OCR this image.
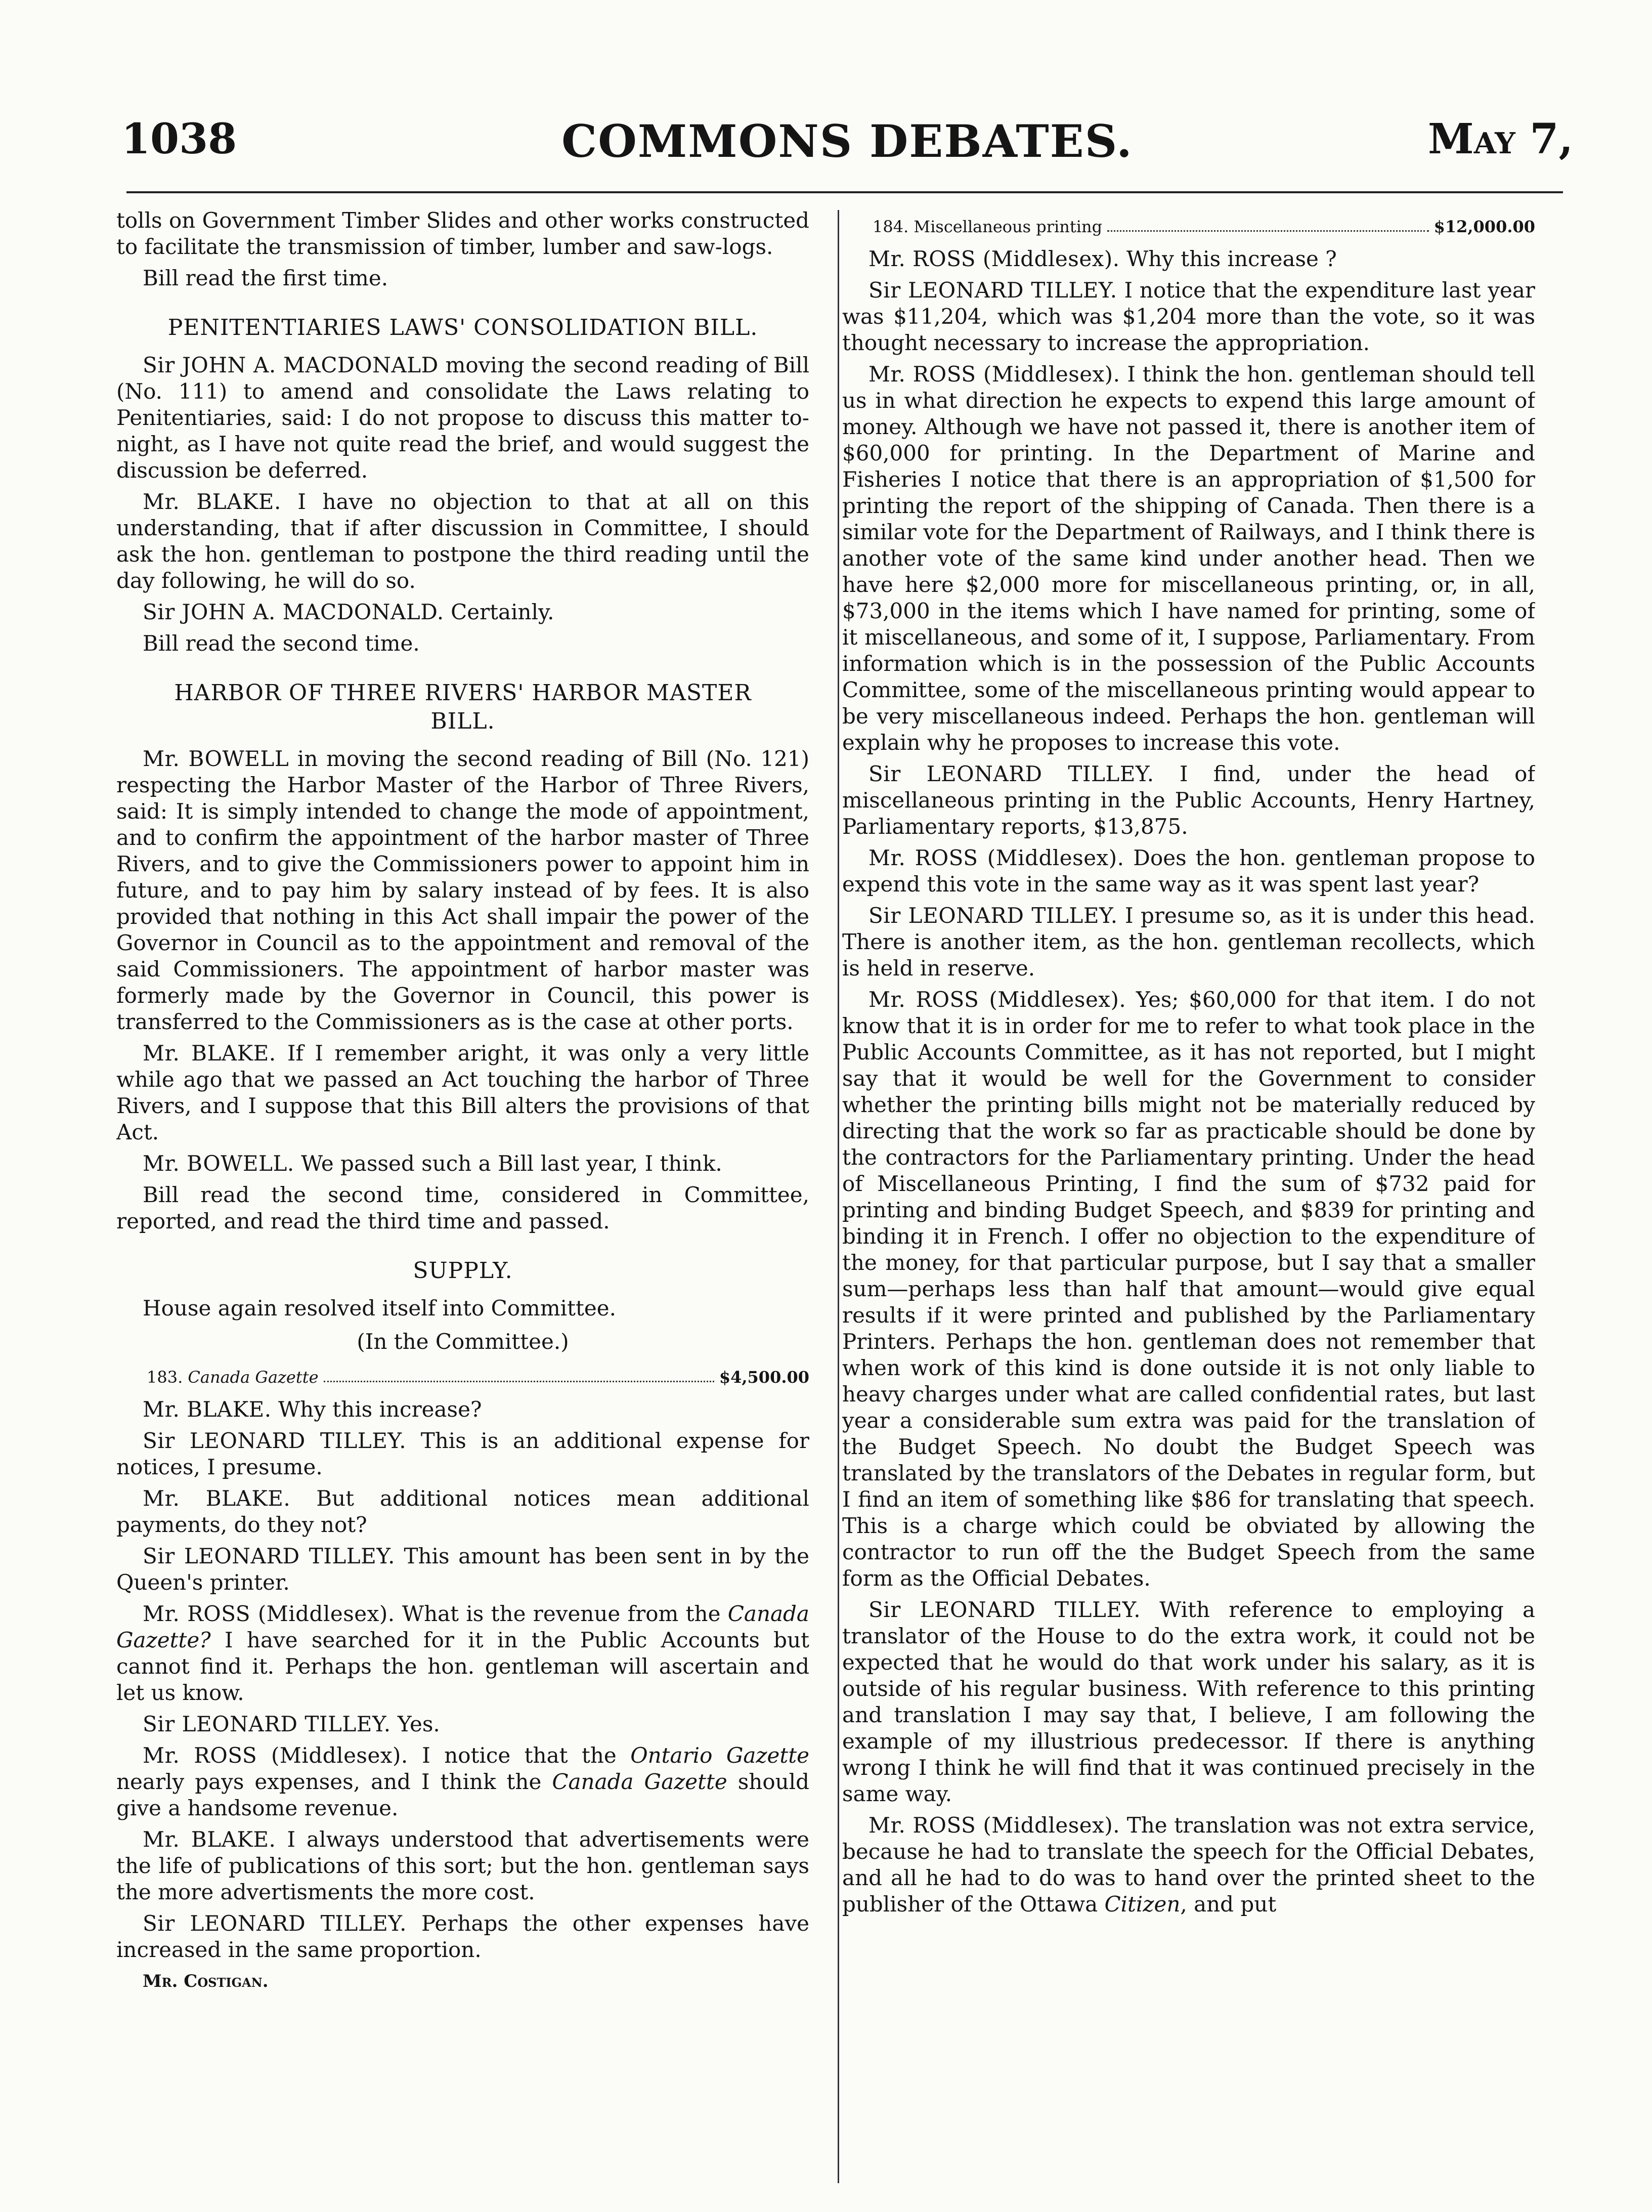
1038	COMMONS DEBATES.	May 7,

tolls on Government Timber Slides and other works constructed to facilitate the transmission of timber, lumber and saw-logs.

Bill read the first time.

PENITENTIARIES LAWS' CONSOLIDATION BILL.

Sir JOHN A. MACDONALD moving the second reading of Bill (No. 111) to amend and consolidate the Laws relating to Penitentiaries, said: I do not propose to discuss this matter to-night, as I have not quite read the brief, and would suggest the discussion be deferred.

Mr. BLAKE. I have no objection to that at all on this understanding, that if after discussion in Committee, I should ask the hon. gentleman to postpone the third reading until the day following, he will do so.

Sir JOHN A. MACDONALD. Certainly.

Bill read the second time.

HARBOR OF THREE RIVERS' HARBOR MASTER
BILL.

Mr. BOWELL in moving the second reading of Bill (No. 121) respecting the Harbor Master of the Harbor of Three Rivers, said: It is simply intended to change the mode of appointment, and to confirm the appointment of the harbor master of Three Rivers, and to give the Commissioners power to appoint him in future, and to pay him by salary instead of by fees. It is also provided that nothing in this Act shall impair the power of the Governor in Council as to the appointment and removal of the said Commissioners. The appointment of harbor master was formerly made by the Governor in Council, this power is transferred to the Commissioners as is the case at other ports.

Mr. BLAKE. If I remember aright, it was only a very little while ago that we passed an Act touching the harbor of Three Rivers, and I suppose that this Bill alters the provisions of that Act.

Mr. BOWELL. We passed such a Bill last year, I think.

Bill read the second time, considered in Committee, reported, and read the third time and passed.

SUPPLY.

House again resolved itself into Committee.

(In the Committee.)
183. Canada Gazette	$4,500.00

Mr. BLAKE. Why this increase?

Sir LEONARD TILLEY. This is an additional expense for notices, I presume.

Mr. BLAKE. But additional notices mean additional payments, do they not?

Sir LEONARD TILLEY. This amount has been sent in by the Queen's printer.

Mr. ROSS (Middlesex). What is the revenue from the Canada Gazette? I have searched for it in the Public Accounts but cannot find it. Perhaps the hon. gentleman will ascertain and let us know.

Sir LEONARD TILLEY. Yes.

Mr. ROSS (Middlesex). I notice that the Ontario Gazette nearly pays expenses, and I think the Canada Gazette should give a handsome revenue.

Mr. BLAKE. I always understood that advertisements were the life of publications of this sort; but the hon. gentleman says the more advertisments the more cost.

Sir LEONARD TILLEY. Perhaps the other expenses have increased in the same proportion.

Mr. Costigan.

184. Miscellaneous printing	$12,000.00

Mr. ROSS (Middlesex). Why this increase ?

Sir LEONARD TILLEY. I notice that the expenditure last year was $11,204, which was $1,204 more than the vote, so it was thought necessary to increase the appropriation.

Mr. ROSS (Middlesex). I think the hon. gentleman should tell us in what direction he expects to expend this large amount of money. Although we have not passed it, there is another item of $60,000 for printing. In the Department of Marine and Fisheries I notice that there is an appropriation of $1,500 for printing the report of the shipping of Canada. Then there is a similar vote for the Department of Railways, and I think there is another vote of the same kind under another head. Then we have here $2,000 more for miscellaneous printing, or, in all, $73,000 in the items which I have named for printing, some of it miscellaneous, and some of it, I suppose, Parliamentary. From information which is in the possession of the Public Accounts Committee, some of the miscellaneous printing would appear to be very miscellaneous indeed. Perhaps the hon. gentleman will explain why he proposes to increase this vote.

Sir LEONARD TILLEY. I find, under the head of miscellaneous printing in the Public Accounts, Henry Hartney, Parliamentary reports, $13,875.

Mr. ROSS (Middlesex). Does the hon. gentleman propose to expend this vote in the same way as it was spent last year?

Sir LEONARD TILLEY. I presume so, as it is under this head. There is another item, as the hon. gentleman recollects, which is held in reserve.

Mr. ROSS (Middlesex). Yes; $60,000 for that item. I do not know that it is in order for me to refer to what took place in the Public Accounts Committee, as it has not reported, but I might say that it would be well for the Government to consider whether the printing bills might not be materially reduced by directing that the work so far as practicable should be done by the contractors for the Parliamentary printing. Under the head of Miscellaneous Printing, I find the sum of $732 paid for printing and binding Budget Speech, and $839 for printing and binding it in French. I offer no objection to the expenditure of the money, for that particular purpose, but I say that a smaller sum—perhaps less than half that amount—would give equal results if it were printed and published by the Parliamentary Printers. Perhaps the hon. gentleman does not remember that when work of this kind is done outside it is not only liable to heavy charges under what are called confidential rates, but last year a considerable sum extra was paid for the translation of the Budget Speech. No doubt the Budget Speech was translated by the translators of the Debates in regular form, but I find an item of something like $86 for translating that speech. This is a charge which could be obviated by allowing the contractor to run off the the Budget Speech from the same form as the Official Debates.

Sir LEONARD TILLEY. With reference to employing a translator of the House to do the extra work, it could not be expected that he would do that work under his salary, as it is outside of his regular business. With reference to this printing and translation I may say that, I believe, I am following the example of my illustrious predecessor. If there is anything wrong I think he will find that it was continued precisely in the same way.

Mr. ROSS (Middlesex). The translation was not extra service, because he had to translate the speech for the Official Debates, and all he had to do was to hand over the printed sheet to the publisher of the Ottawa Citizen, and put
